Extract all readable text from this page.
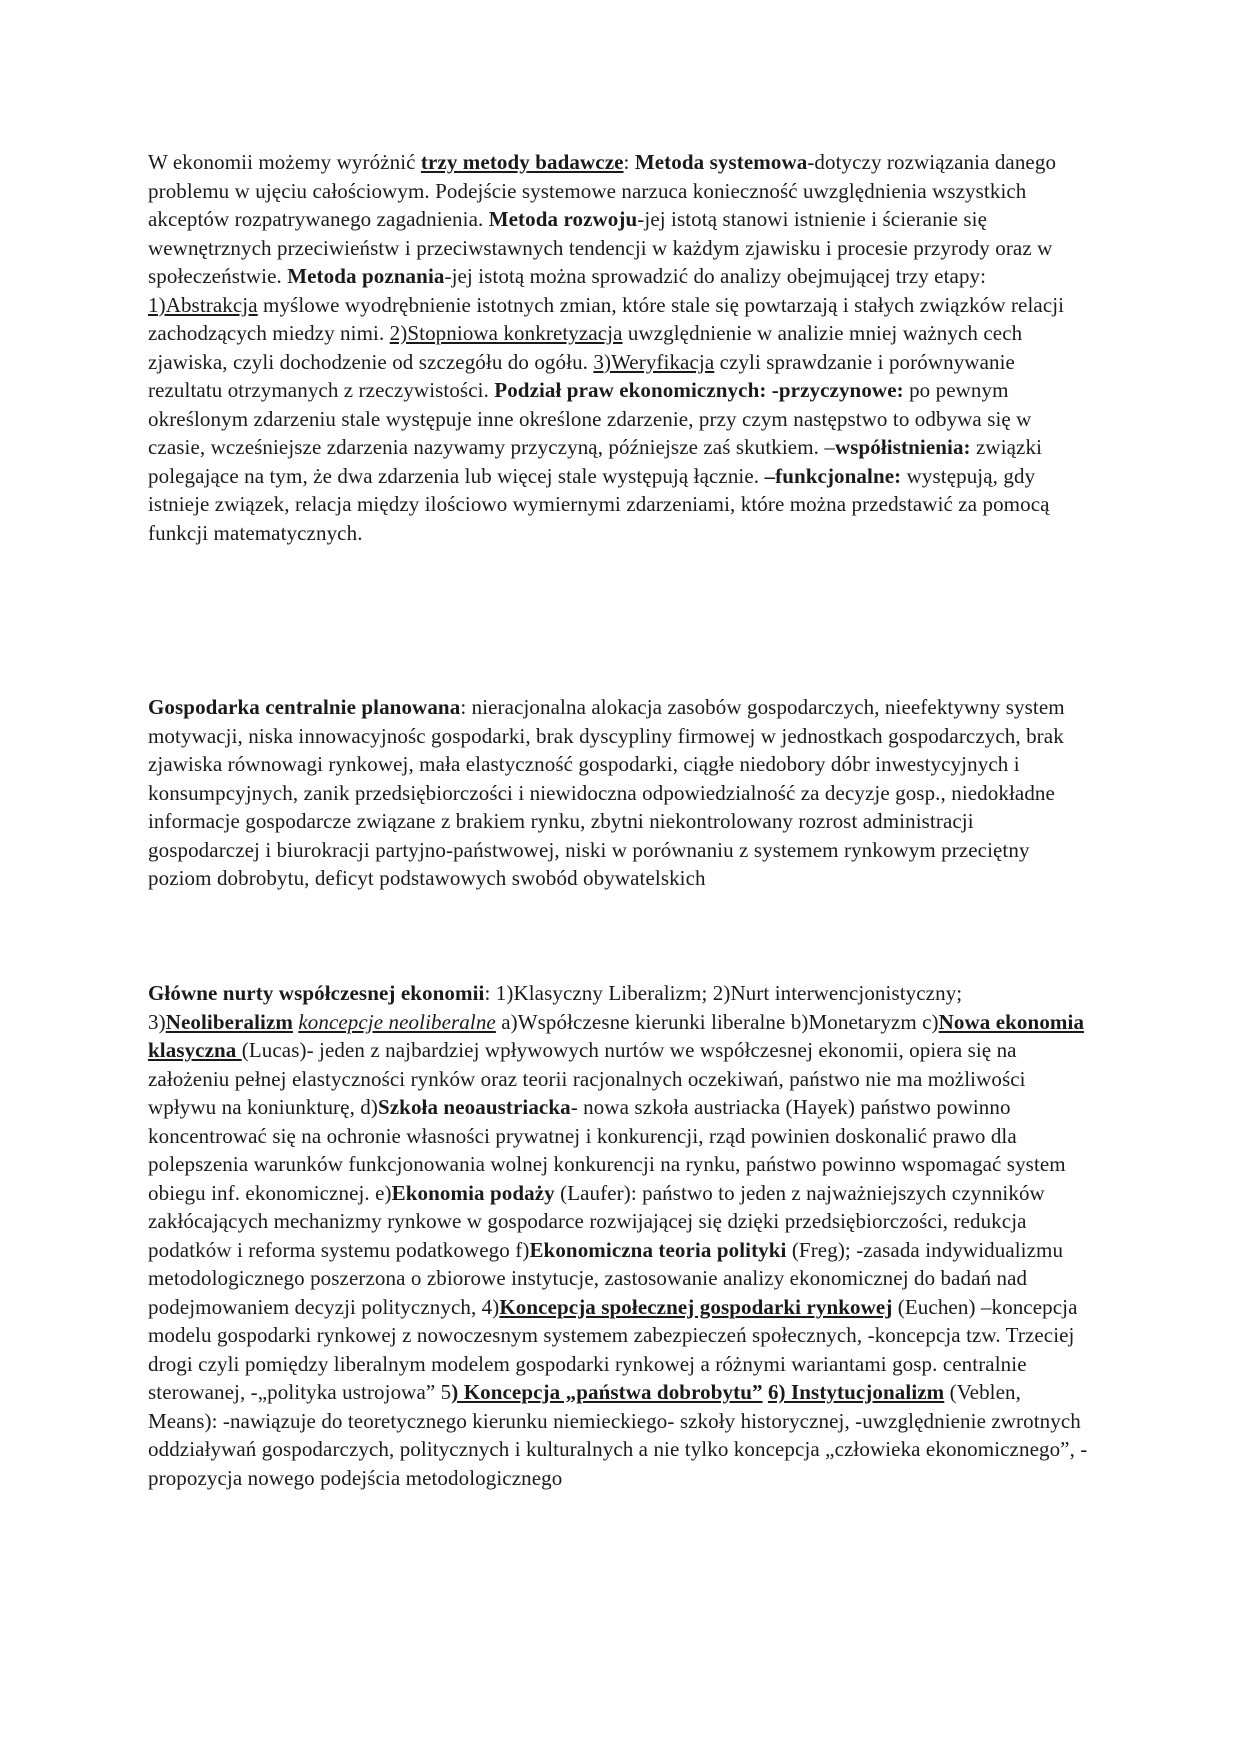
W ekonomii możemy wyróżnić trzy metody badawcze: Metoda systemowa-dotyczy rozwiązania danego problemu w ujęciu całościowym. Podejście systemowe narzuca konieczność uwzględnienia wszystkich akceptów rozpatrywanego zagadnienia. Metoda rozwoju-jej istotą stanowi istnienie i ścieranie się wewnętrznych przeciwieństw i przeciwstawnych tendencji w każdym zjawisku i procesie przyrody oraz w społeczeństwie. Metoda poznania-jej istotą można sprowadzić do analizy obejmującej trzy etapy: 1)Abstrakcja myślowe wyodrębnienie istotnych zmian, które stale się powtarzają i stałych związków relacji zachodzących miedzy nimi. 2)Stopniowa konkretyzacja uwzględnienie w analizie mniej ważnych cech zjawiska, czyli dochodzenie od szczegółu do ogółu. 3)Weryfikacja czyli sprawdzanie i porównywanie rezultatu otrzymanych z rzeczywistości. Podział praw ekonomicznych: -przyczynowe: po pewnym określonym zdarzeniu stale występuje inne określone zdarzenie, przy czym następstwo to odbywa się w czasie, wcześniejsze zdarzenia nazywamy przyczyną, późniejsze zaś skutkiem. –współistnienia: związki polegające na tym, że dwa zdarzenia lub więcej stale występują łącznie. –funkcjonalne: występują, gdy istnieje związek, relacja między ilościowo wymiernymi zdarzeniami, które można przedstawić za pomocą funkcji matematycznych.

Gospodarka centralnie planowana: nieracjonalna alokacja zasobów gospodarczych, nieefektywny system motywacji, niska innowacyjnośc gospodarki, brak dyscypliny firmowej w jednostkach gospodarczych, brak zjawiska równowagi rynkowej, mała elastyczność gospodarki, ciągłe niedobory dóbr inwestycyjnych i konsumpcyjnych, zanik przedsiębiorczości i niewidoczna odpowiedzialność za decyzje gosp., niedokładne informacje gospodarcze związane z brakiem rynku, zbytni niekontrolowany rozrost administracji gospodarczej i biurokracji partyjno-państwowej, niski w porównaniu z systemem rynkowym przeciętny poziom dobrobytu, deficyt podstawowych swobód obywatelskich

Główne nurty współczesnej ekonomii: 1)Klasyczny Liberalizm; 2)Nurt interwencjonistyczny; 3)Neoliberalizm koncepcje neoliberalne a)Współczesne kierunki liberalne b)Monetaryzm c)Nowa ekonomia klasyczna (Lucas)- jeden z najbardziej wpływowych nurtów we współczesnej ekonomii, opiera się na założeniu pełnej elastyczności rynków oraz teorii racjonalnych oczekiwań, państwo nie ma możliwości wpływu na koniunkturę, d)Szkoła neoaustriacka- nowa szkoła austriacka (Hayek) państwo powinno koncentrować się na ochronie własności prywatnej i konkurencji, rząd powinien doskonalić prawo dla polepszenia warunków funkcjonowania wolnej konkurencji na rynku, państwo powinno wspomagać system obiegu inf. ekonomicznej. e)Ekonomia podaży (Laufer): państwo to jeden z najważniejszych czynników zakłócających mechanizmy rynkowe w gospodarce rozwijającej się dzięki przedsiębiorczości, redukcja podatków i reforma systemu podatkowego f)Ekonomiczna teoria polityki (Freg); -zasada indywidualizmu metodologicznego poszerzona o zbiorowe instytucje, zastosowanie analizy ekonomicznej do badań nad podejmowaniem decyzji politycznych, 4)Koncepcja społecznej gospodarki rynkowej (Euchen) –koncepcja modelu gospodarki rynkowej z nowoczesnym systemem zabezpieczeń społecznych, -koncepcja tzw. Trzeciej drogi czyli pomiędzy liberalnym modelem gospodarki rynkowej a różnymi wariantami gosp. centralnie sterowanej, -„polityka ustrojowa” 5) Koncepcja „państwa dobrobytu” 6) Instytucjonalizm (Veblen, Means): -nawiązuje do teoretycznego kierunku niemieckiego- szkoły historycznej, -uwzględnienie zwrotnych oddziaływań gospodarczych, politycznych i kulturalnych a nie tylko koncepcja „człowieka ekonomicznego”, -propozycja nowego podejścia metodologicznego
